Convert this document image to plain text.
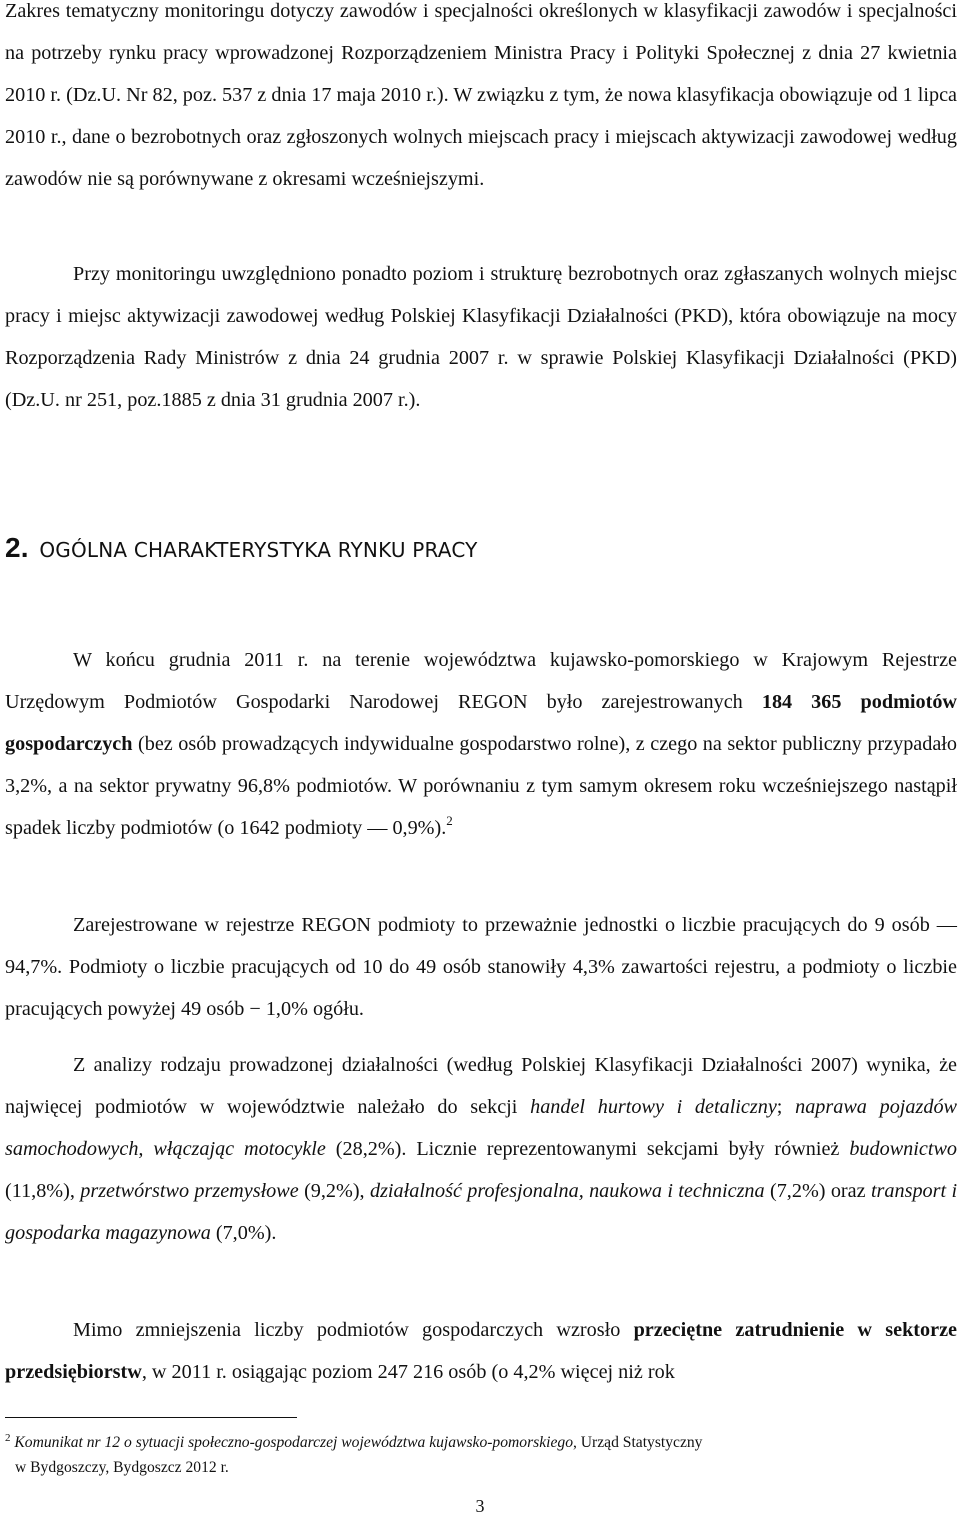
Zakres tematyczny monitoringu dotyczy zawodów i specjalności określonych w klasyfikacji zawodów i specjalności na potrzeby rynku pracy wprowadzonej Rozporządzeniem Ministra Pracy i Polityki Społecznej z dnia 27 kwietnia 2010 r. (Dz.U. Nr 82, poz. 537 z dnia 17 maja 2010 r.). W związku z tym, że nowa klasyfikacja obowiązuje od 1 lipca 2010 r., dane o bezrobotnych oraz zgłoszonych wolnych miejscach pracy i miejscach aktywizacji zawodowej według zawodów nie są porównywane z okresami wcześniejszymi.

Przy monitoringu uwzględniono ponadto poziom i strukturę bezrobotnych oraz zgłaszanych wolnych miejsc pracy i miejsc aktywizacji zawodowej według Polskiej Klasyfikacji Działalności (PKD), która obowiązuje na mocy Rozporządzenia Rady Ministrów z dnia 24 grudnia 2007 r. w sprawie Polskiej Klasyfikacji Działalności (PKD) (Dz.U. nr 251, poz.1885 z dnia 31 grudnia 2007 r.).

2. OGÓLNA CHARAKTERYSTYKA RYNKU PRACY

W końcu grudnia 2011 r. na terenie województwa kujawsko-pomorskiego w Krajowym Rejestrze Urzędowym Podmiotów Gospodarki Narodowej REGON było zarejestrowanych 184 365 podmiotów gospodarczych (bez osób prowadzących indywidualne gospodarstwo rolne), z czego na sektor publiczny przypadało 3,2%, a na sektor prywatny 96,8% podmiotów. W porównaniu z tym samym okresem roku wcześniejszego nastąpił spadek liczby podmiotów (o 1642 podmioty — 0,9%).$^2$

Zarejestrowane w rejestrze REGON podmioty to przeważnie jednostki o liczbie pracujących do 9 osób — 94,7%. Podmioty o liczbie pracujących od 10 do 49 osób stanowiły 4,3% zawartości rejestru, a podmioty o liczbie pracujących powyżej 49 osób − 1,0% ogółu.

Z analizy rodzaju prowadzonej działalności (według Polskiej Klasyfikacji Działalności 2007) wynika, że najwięcej podmiotów w województwie należało do sekcji handel hurtowy i detaliczny; naprawa pojazdów samochodowych, włączając motocykle (28,2%). Licznie reprezentowanymi sekcjami były również budownictwo (11,8%), przetwórstwo przemysłowe (9,2%), działalność profesjonalna, naukowa i techniczna (7,2%) oraz transport i gospodarka magazynowa (7,0%).

Mimo zmniejszenia liczby podmiotów gospodarczych wzrosło przeciętne zatrudnienie w sektorze przedsiębiorstw, w 2011 r. osiągając poziom 247 216 osób (o 4,2% więcej niż rok

$^2$ Komunikat nr 12 o sytuacji społeczno-gospodarczej województwa kujawsko-pomorskiego, Urząd Statystyczny
w Bydgoszczy, Bydgoszcz 2012 r.
3
